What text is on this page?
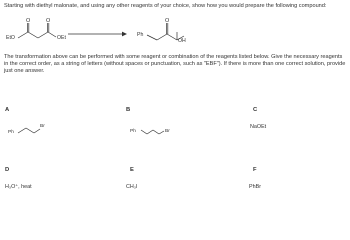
Starting with diethyl malonate, and using any other reagents of your choice, show how you would prepare the following compound:

O	O	O
EtO	OEt	Ph
OH

The transformation above can be performed with some reagent or combination of the reagents listed below. Give the necessary reagents in the correct order, as a string of letters (without spaces or punctuation, such as "EBF"). If there is more than one correct solution, provide just one answer.

A
Ph
Br
B
Ph	Br
C
NaOEt
D
H₃O⁺, heat
E
CH₃I
F
PhBr
